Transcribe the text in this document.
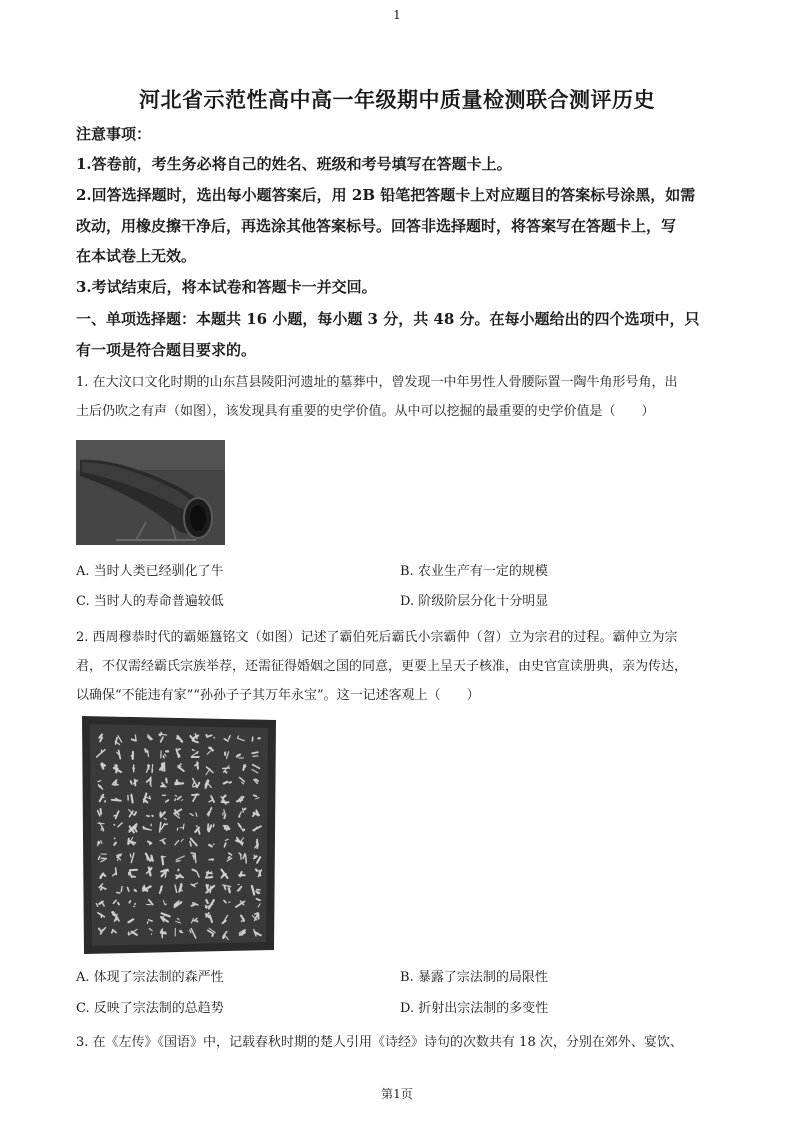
1
河北省示范性高中高一年级期中质量检测联合测评历史
注意事项：
1.答卷前，考生务必将自己的姓名、班级和考号填写在答题卡上。
2.回答选择题时，选出每小题答案后，用 2B 铅笔把答题卡上对应题目的答案标号涂黑，如需
改动，用橡皮擦干净后，再选涂其他答案标号。回答非选择题时，将答案写在答题卡上，写
在本试卷上无效。
3.考试结束后，将本试卷和答题卡一并交回。
一、单项选择题：本题共 16 小题，每小题 3 分，共 48 分。在每小题给出的四个选项中，只
有一项是符合题目要求的。
1. 在大汶口文化时期的山东莒县陵阳河遗址的墓葬中，曾发现一中年男性人骨腰际置一陶牛角形号角，出
土后仍吹之有声（如图），该发现具有重要的史学价值。从中可以挖掘的最重要的史学价值是（　　）
A. 当时人类已经驯化了牛	B. 农业生产有一定的规模
C. 当时人的寿命普遍较低	D. 阶级阶层分化十分明显
2. 西周穆恭时代的霸姬簋铭文（如图）记述了霸伯死后霸氏小宗霸仲（曶）立为宗君的过程。霸仲立为宗
君，不仅需经霸氏宗族举荐，还需征得婚姻之国的同意，更要上呈天子核准，由史官宣读册典，亲为传达，
以确保“不能违有家”“孙孙子子其万年永宝”。这一记述客观上（　　）
A. 体现了宗法制的森严性	B. 暴露了宗法制的局限性
C. 反映了宗法制的总趋势	D. 折射出宗法制的多变性
3. 在《左传》《国语》中，记载春秋时期的楚人引用《诗经》诗句的次数共有 18 次，分别在郊外、宴饮、
第1页
